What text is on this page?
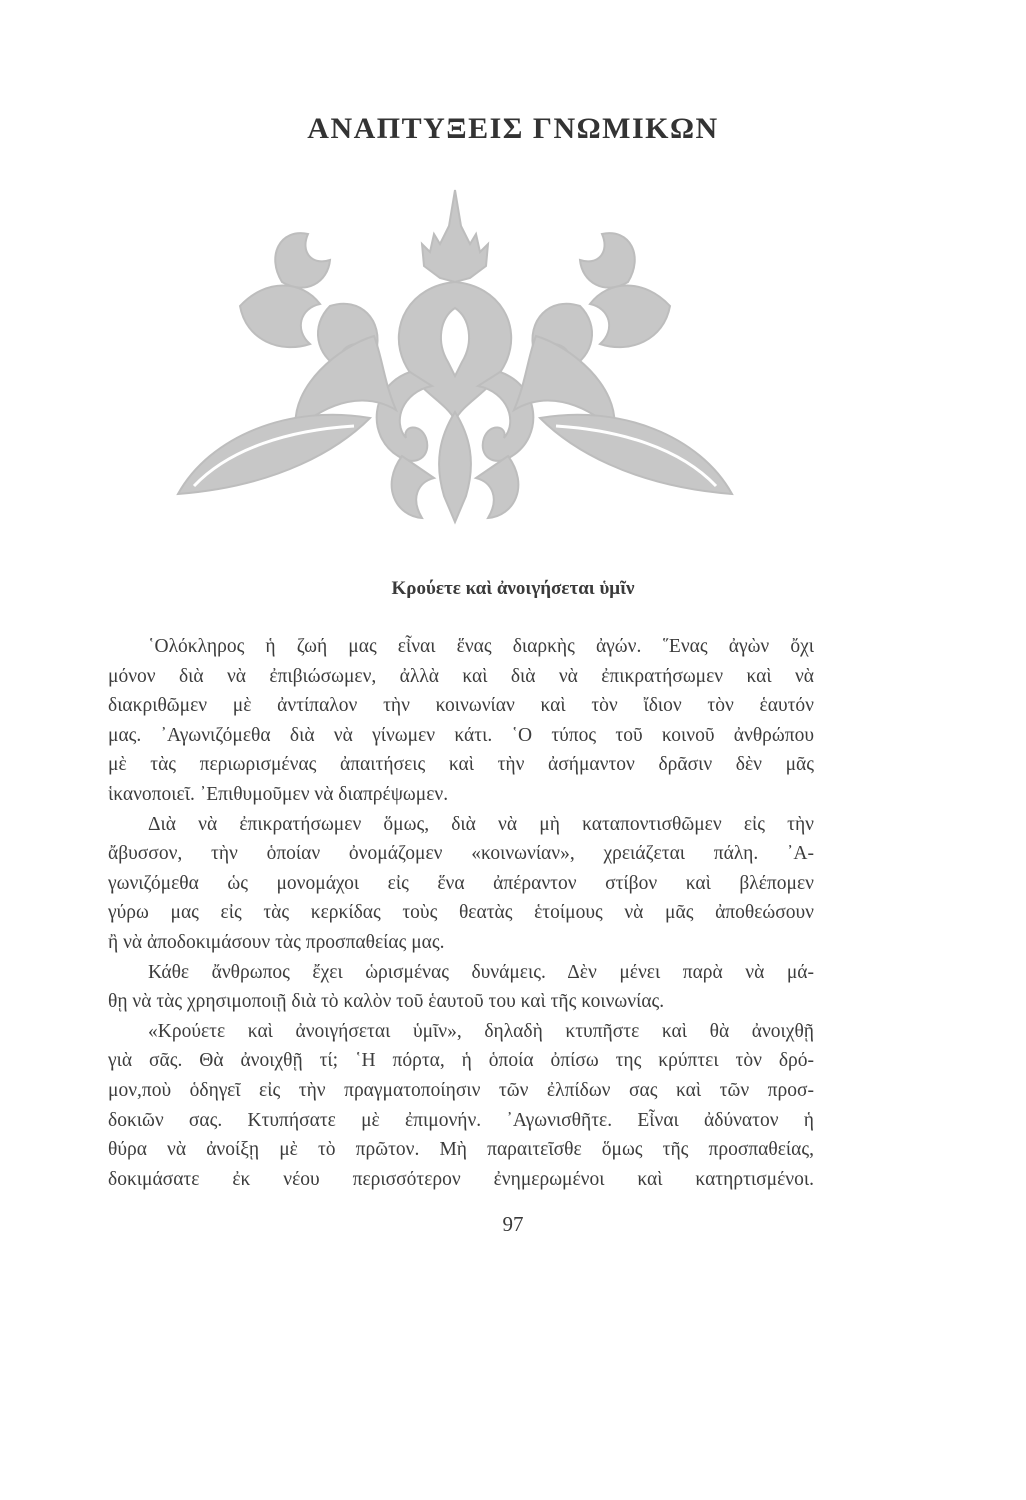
ΑΝΑΠΤΥΞΕΙΣ ΓΝΩΜΙΚΩΝ
Κρούετε καὶ ἀνοιγήσεται ὑμῖν
῾Ολόκληρος ἡ ζωή μας εἶναι ἕνας διαρκὴς ἀγών. ῞Ενας ἀγὼν ὄχι
μόνον διὰ νὰ ἐπιβιώσωμεν, ἀλλὰ καὶ διὰ νὰ ἐπικρατήσωμεν καὶ νὰ
διακριθῶμεν μὲ ἀντίπαλον τὴν κοινωνίαν καὶ τὸν ἴδιον τὸν ἑαυτόν
μας. ᾿Αγωνιζόμεθα διὰ νὰ γίνωμεν κάτι. ῾Ο τύπος τοῦ κοινοῦ ἀνθρώπου
μὲ τὰς περιωρισμένας ἀπαιτήσεις καὶ τὴν ἀσήμαντον δρᾶσιν δὲν μᾶς
ἱκανοποιεῖ. ᾿Επιθυμοῦμεν νὰ διαπρέψωμεν.
Διὰ νὰ ἐπικρατήσωμεν ὅμως, διὰ νὰ μὴ καταποντισθῶμεν εἰς τὴν
ἄβυσσον, τὴν ὁποίαν ὀνομάζομεν «κοινωνίαν», χρειάζεται πάλη. ᾿Α-
γωνιζόμεθα ὡς μονομάχοι εἰς ἕνα ἀπέραντον στίβον καὶ βλέπομεν
γύρω μας εἰς τὰς κερκίδας τοὺς θεατὰς ἑτοίμους νὰ μᾶς ἀποθεώσουν
ἢ νὰ ἀποδοκιμάσουν τὰς προσπαθείας μας.
Κάθε ἄνθρωπος ἔχει ὡρισμένας δυνάμεις. Δὲν μένει παρὰ νὰ μά-
θῃ νὰ τὰς χρησιμοποιῇ διὰ τὸ καλὸν τοῦ ἑαυτοῦ του καὶ τῆς κοινωνίας.
«Κρούετε καὶ ἀνοιγήσεται ὑμῖν», δηλαδὴ κτυπῆστε καὶ θὰ ἀνοιχθῇ
γιὰ σᾶς. Θὰ ἀνοιχθῇ τί; ῾Η πόρτα, ἡ ὁποία ὀπίσω της κρύπτει τὸν δρό-
μον,ποὺ ὁδηγεῖ εἰς τὴν πραγματοποίησιν τῶν ἐλπίδων σας καὶ τῶν προσ-
δοκιῶν σας. Κτυπήσατε μὲ ἐπιμονήν. ᾿Αγωνισθῆτε. Εἶναι ἀδύνατον ἡ
θύρα νὰ ἀνοίξῃ μὲ τὸ πρῶτον. Μὴ παραιτεῖσθε ὅμως τῆς προσπαθείας,
δοκιμάσατε ἐκ νέου περισσότερον ἐνημερωμένοι καὶ κατηρτισμένοι.
97
